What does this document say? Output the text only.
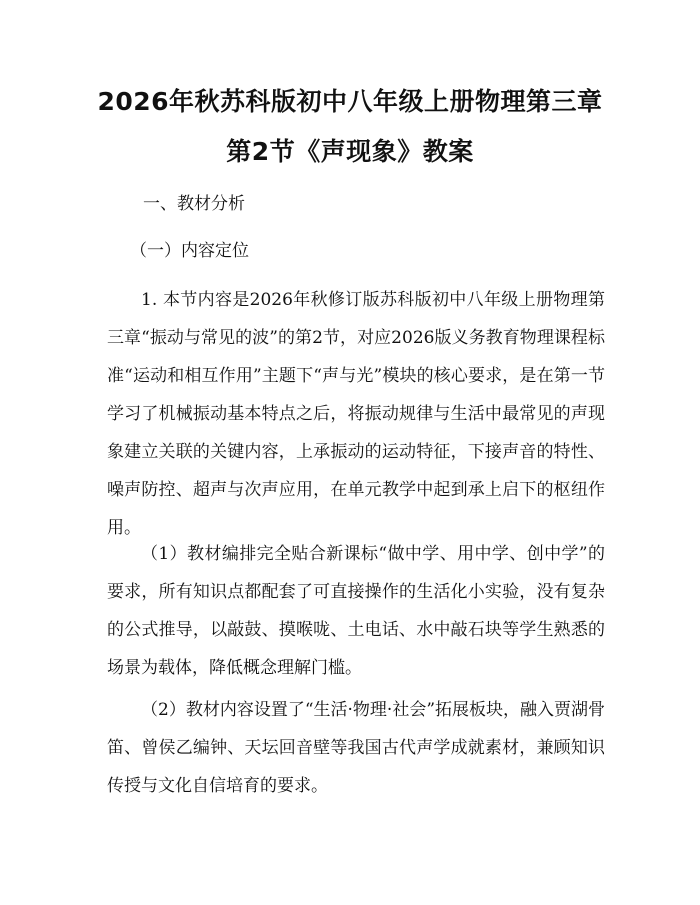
2026年秋苏科版初中八年级上册物理第三章
第2节《声现象》教案
一、教材分析
（一）内容定位

1. 本节内容是2026年秋修订版苏科版初中八年级上册物理第三章“振动与常见的波”的第2节，对应2026版义务教育物理课程标准“运动和相互作用”主题下“声与光”模块的核心要求，是在第一节学习了机械振动基本特点之后，将振动规律与生活中最常见的声现象建立关联的关键内容，上承振动的运动特征，下接声音的特性、噪声防控、超声与次声应用，在单元教学中起到承上启下的枢纽作用。

（1）教材编排完全贴合新课标“做中学、用中学、创中学”的要求，所有知识点都配套了可直接操作的生活化小实验，没有复杂的公式推导，以敲鼓、摸喉咙、土电话、水中敲石块等学生熟悉的场景为载体，降低概念理解门槛。

（2）教材内容设置了“生活·物理·社会”拓展板块，融入贾湖骨笛、曾侯乙编钟、天坛回音壁等我国古代声学成就素材，兼顾知识传授与文化自信培育的要求。
